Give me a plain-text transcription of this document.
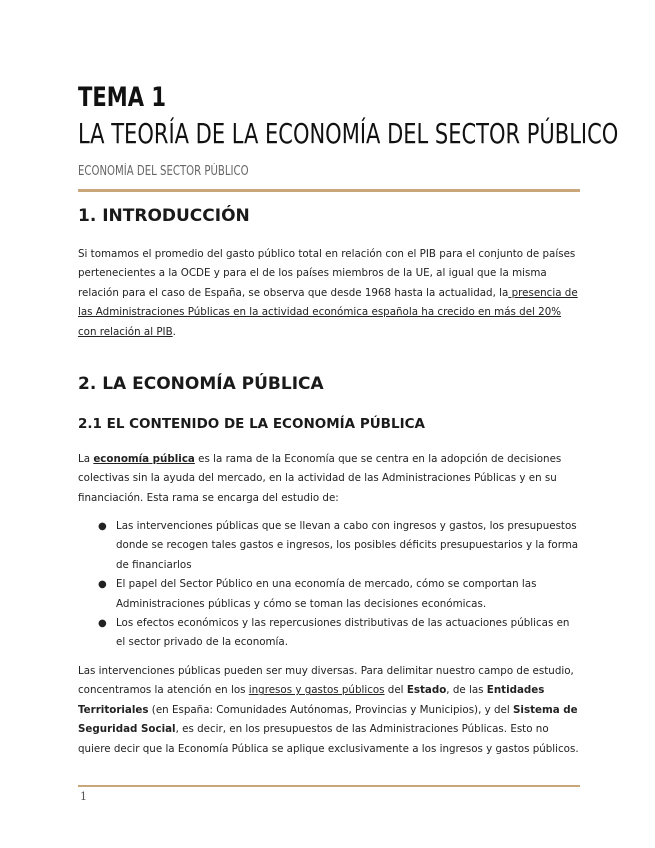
TEMA 1
LA TEORÍA DE LA ECONOMÍA DEL SECTOR PÚBLICO
ECONOMÍA DEL SECTOR PÚBLICO
1. INTRODUCCIÓN

Si tomamos el promedio del gasto público total en relación con el PIB para el conjunto de países pertenecientes a la OCDE y para el de los países miembros de la UE, al igual que la misma relación para el caso de España, se observa que desde 1968 hasta la actualidad, la presencia de las Administraciones Públicas en la actividad económica española ha crecido en más del 20% con relación al PIB.

2. LA ECONOMÍA PÚBLICA
2.1 EL CONTENIDO DE LA ECONOMÍA PÚBLICA

La economía pública es la rama de la Economía que se centra en la adopción de decisiones colectivas sin la ayuda del mercado, en la actividad de las Administraciones Públicas y en su financiación. Esta rama se encarga del estudio de:

● Las intervenciones públicas que se llevan a cabo con ingresos y gastos, los presupuestos donde se recogen tales gastos e ingresos, los posibles déficits presupuestarios y la forma de financiarlos
● El papel del Sector Público en una economía de mercado, cómo se comportan las Administraciones públicas y cómo se toman las decisiones económicas.
● Los efectos económicos y las repercusiones distributivas de las actuaciones públicas en el sector privado de la economía.

Las intervenciones públicas pueden ser muy diversas. Para delimitar nuestro campo de estudio, concentramos la atención en los ingresos y gastos públicos del Estado, de las Entidades Territoriales (en España: Comunidades Autónomas, Provincias y Municipios), y del Sistema de Seguridad Social, es decir, en los presupuestos de las Administraciones Públicas. Esto no quiere decir que la Economía Pública se aplique exclusivamente a los ingresos y gastos públicos.

1
